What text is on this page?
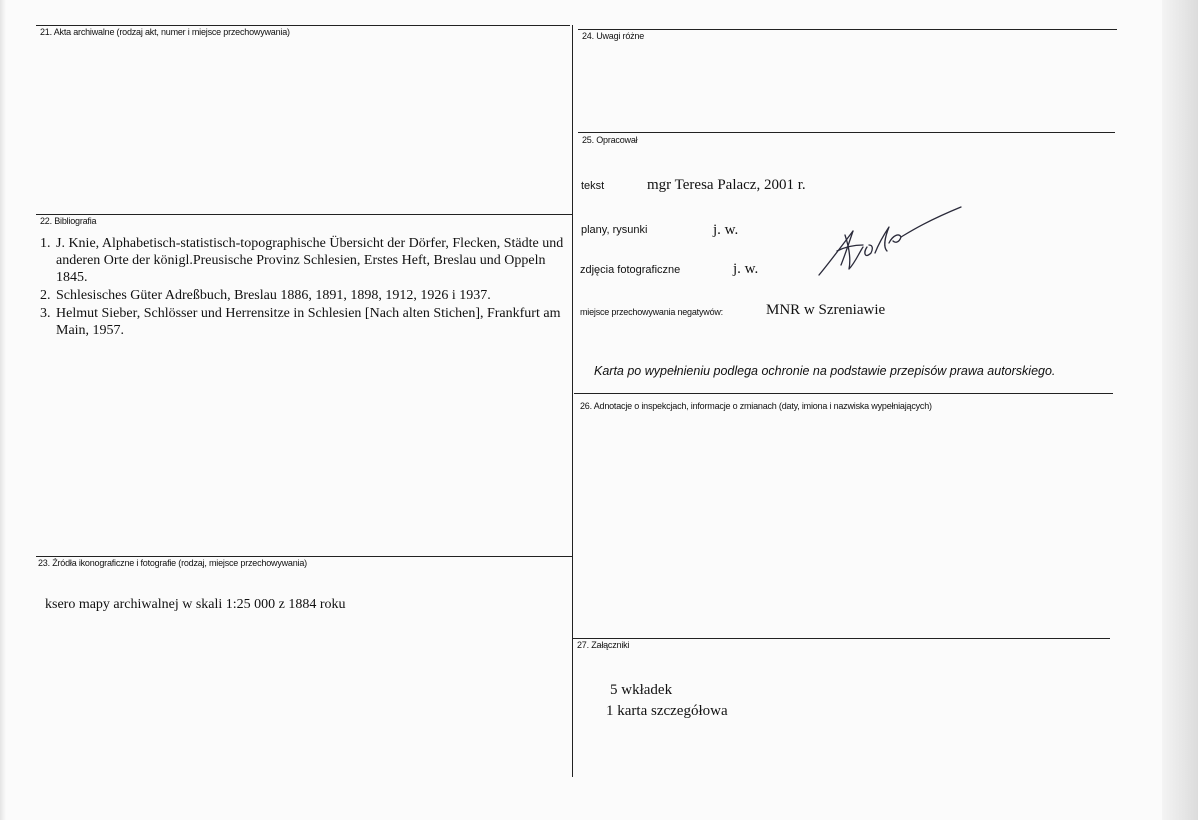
21. Akta archiwalne (rodzaj akt, numer i miejsce przechowywania)	24. Uwagi różne
25. Opracował
tekst	mgr Teresa Palacz, 2001 r.
plany, rysunki	j. w.
zdjęcia fotograficzne	j. w.
miejsce przechowywania negatywów:	MNR w Szreniawie
Karta po wypełnieniu podlega ochronie na podstawie przepisów prawa autorskiego.
22. Bibliografia
1. J. Knie, Alphabetisch-statistisch-topographische Übersicht der Dörfer, Flecken, Städte und anderen Orte der königl.Preusische Provinz Schlesien, Erstes Heft, Breslau und Oppeln 1845.
2. Schlesisches Güter Adreßbuch, Breslau 1886, 1891, 1898, 1912, 1926 i 1937.
3. Helmut Sieber, Schlösser und Herrensitze in Schlesien [Nach alten Stichen], Frankfurt am Main, 1957.
26. Adnotacje o inspekcjach, informacje o zmianach (daty, imiona i nazwiska wypełniających)
23. Źródła ikonograficzne i fotografie (rodzaj, miejsce przechowywania)
ksero mapy archiwalnej w skali 1:25 000 z 1884 roku
27. Załączniki
5 wkładek
1 karta szczegółowa
